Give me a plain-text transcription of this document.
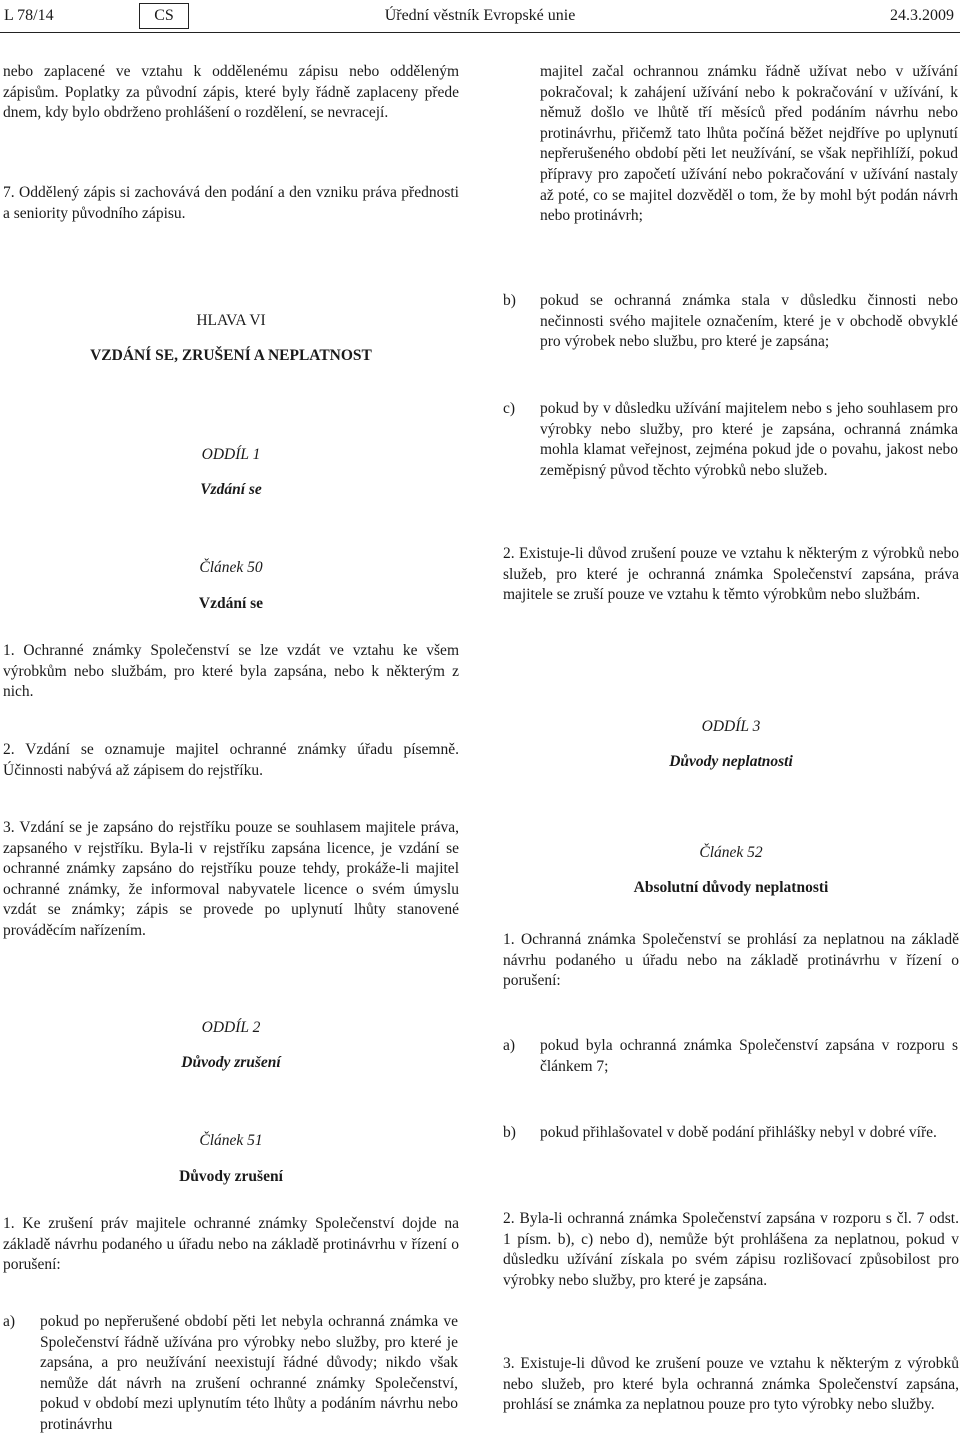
L 78/14	Úřední věstník Evropské unie
CS	24.3.2009

nebo zaplacené ve vztahu k oddělenému zápisu nebo odděleným zápisům. Poplatky za původní zápis, které byly řádně zaplaceny přede dnem, kdy bylo obdrženo prohlášení o rozdělení, se nevracejí.

7. Oddělený zápis si zachovává den podání a den vzniku práva přednosti a seniority původního zápisu.

HLAVA VI
VZDÁNÍ SE, ZRUŠENÍ A NEPLATNOST
ODDÍL 1
Vzdání se
Článek 50
Vzdání se

1. Ochranné známky Společenství se lze vzdát ve vztahu ke všem výrobkům nebo službám, pro které byla zapsána, nebo k některým z nich.

2. Vzdání se oznamuje majitel ochranné známky úřadu písemně. Účinnosti nabývá až zápisem do rejstříku.

3. Vzdání se je zapsáno do rejstříku pouze se souhlasem majitele práva, zapsaného v rejstříku. Byla-li v rejstříku zapsána licence, je vzdání se ochranné známky zapsáno do rejstříku pouze tehdy, prokáže-li majitel ochranné známky, že informoval nabyvatele licence o svém úmyslu vzdát se známky; zápis se provede po uplynutí lhůty stanovené prováděcím nařízením.

ODDÍL 2
Důvody zrušení
Článek 51
Důvody zrušení

1. Ke zrušení práv majitele ochranné známky Společenství dojde na základě návrhu podaného u úřadu nebo na základě protinávrhu v řízení o porušení:

a)	pokud po nepřerušené období pěti let nebyla ochranná známka ve Společenství řádně užívána pro výrobky nebo služby, pro které je zapsána, a pro neužívání neexistují řádné důvody; nikdo však nemůže dát návrh na zrušení ochranné známky Společenství, pokud v období mezi uplynutím této lhůty a podáním návrhu nebo protinávrhu
majitel začal ochrannou známku řádně užívat nebo v užívání pokračoval; k zahájení užívání nebo k pokračování v užívání, k němuž došlo ve lhůtě tří měsíců před podáním návrhu nebo protinávrhu, přičemž tato lhůta počíná běžet nejdříve po uplynutí nepřerušeného období pěti let neužívání, se však nepřihlíží, pokud přípravy pro započetí užívání nebo pokračování v užívání nastaly až poté, co se majitel dozvěděl o tom, že by mohl být podán návrh nebo protinávrh;
b)	pokud se ochranná známka stala v důsledku činnosti nebo nečinnosti svého majitele označením, které je v obchodě obvyklé pro výrobek nebo službu, pro které je zapsána;
c)	pokud by v důsledku užívání majitelem nebo s jeho souhlasem pro výrobky nebo služby, pro které je zapsána, ochranná známka mohla klamat veřejnost, zejména pokud jde o povahu, jakost nebo zeměpisný původ těchto výrobků nebo služeb.

2. Existuje-li důvod zrušení pouze ve vztahu k některým z výrobků nebo služeb, pro které je ochranná známka Společenství zapsána, práva majitele se zruší pouze ve vztahu k těmto výrobkům nebo službám.

ODDÍL 3
Důvody neplatnosti
Článek 52
Absolutní důvody neplatnosti

1. Ochranná známka Společenství se prohlásí za neplatnou na základě návrhu podaného u úřadu nebo na základě protinávrhu v řízení o porušení:

a)	pokud byla ochranná známka Společenství zapsána v rozporu s článkem 7;
b)	pokud přihlašovatel v době podání přihlášky nebyl v dobré víře.

2. Byla-li ochranná známka Společenství zapsána v rozporu s čl. 7 odst. 1 písm. b), c) nebo d), nemůže být prohlášena za neplatnou, pokud v důsledku užívání získala po svém zápisu rozlišovací způsobilost pro výrobky nebo služby, pro které je zapsána.

3. Existuje-li důvod ke zrušení pouze ve vztahu k některým z výrobků nebo služeb, pro které byla ochranná známka Společenství zapsána, prohlásí se známka za neplatnou pouze pro tyto výrobky nebo služby.
